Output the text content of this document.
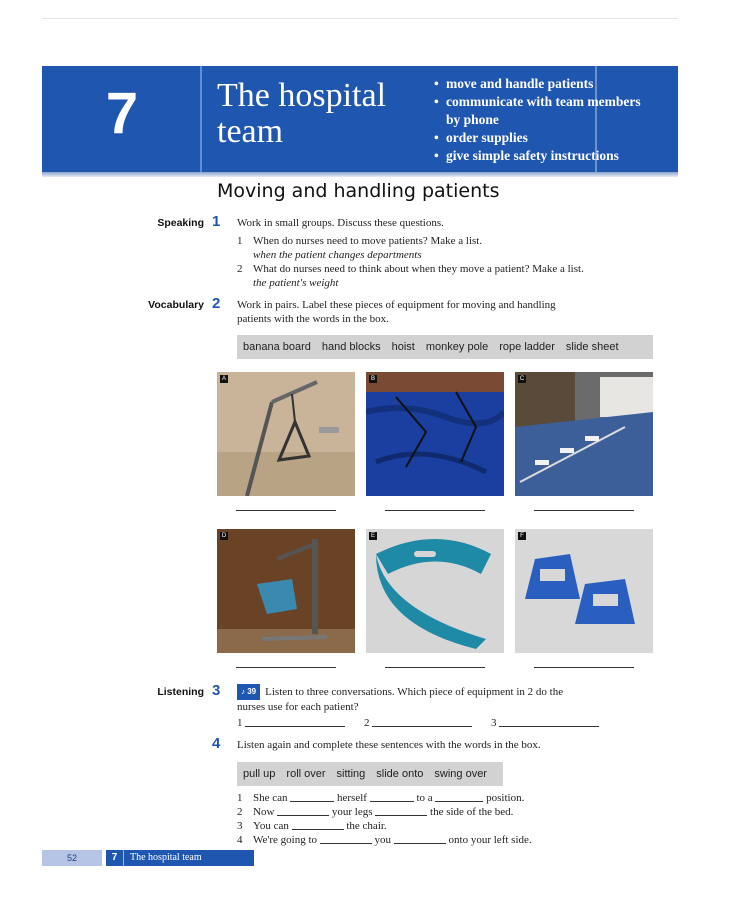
7	The hospital
team
• move and handle patients
• communicate with team members
by phone
• order supplies
• give simple safety instructions
Moving and handling patients
Speaking 1 Work in small groups. Discuss these questions.
1 When do nurses need to move patients? Make a list.
when the patient changes departments
2 What do nurses need to think about when they move a patient? Make a list.
the patient's weight
Vocabulary 2 Work in pairs. Label these pieces of equipment for moving and handling
patients with the words in the box.
banana board hand blocks hoist monkey pole rope ladder slide sheet
A	B	C
D	E	F
Listening 3	♪ 39 Listen to three conversations. Which piece of equipment in 2 do the
nurses use for each patient?
1	2	3
4 Listen again and complete these sentences with the words in the box.
pull up roll over sitting slide onto swing over
1 She can	herself	to a	position.
2 Now	your legs	the side of the bed.
3 You can	the chair.
4 We're going to	you	onto your left side.
52	7 The hospital team
